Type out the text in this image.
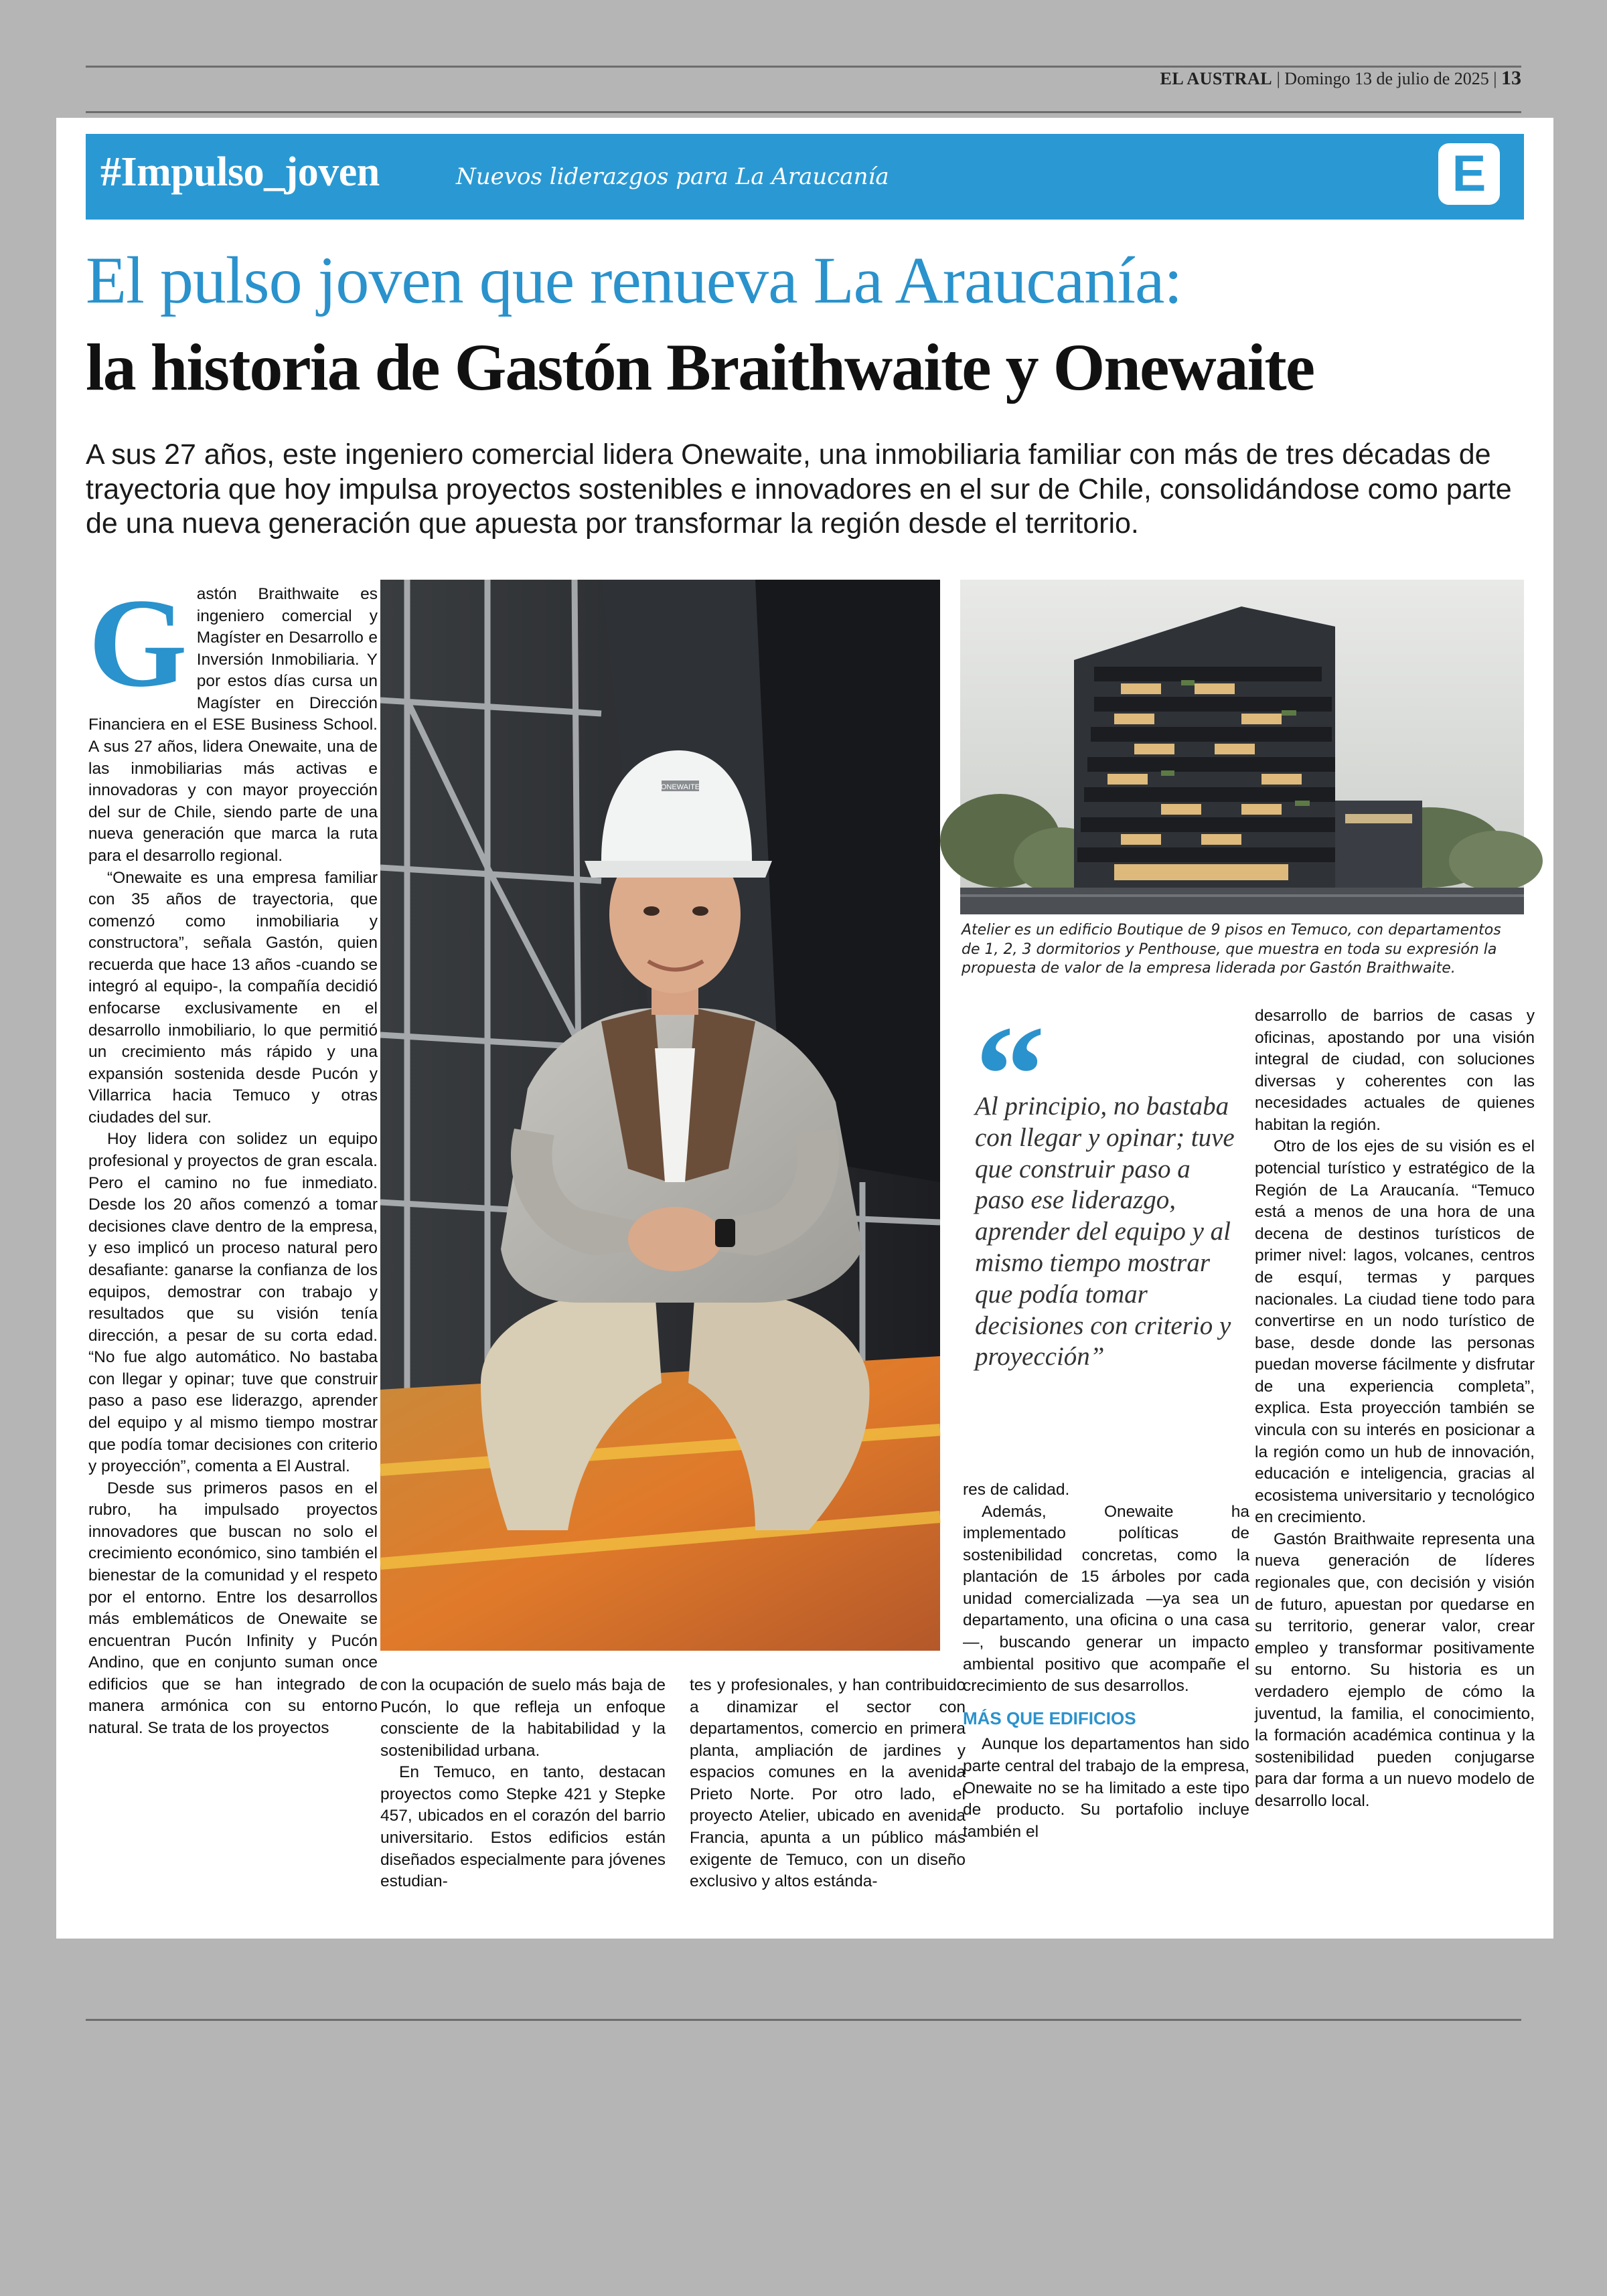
EL AUSTRAL | Domingo 13 de julio de 2025 | 13
#Impulso_joven	Nuevos liderazgos para La Araucanía	E
El pulso joven que renueva La Araucanía:
la historia de Gastón Braithwaite y Onewaite
A sus 27 años, este ingeniero comercial lidera Onewaite, una inmobiliaria familiar con más de tres décadas de trayectoria que hoy impulsa proyectos sostenibles e innovadores en el sur de Chile, consolidándose como parte de una nueva generación que apuesta por transformar la región desde el territorio.

Gastón Braithwaite es ingeniero comercial y Magíster en Desarrollo e Inversión Inmobiliaria. Y por estos días cursa un Magíster en Dirección Financiera en el ESE Business School. A sus 27 años, lidera Onewaite, una de las inmobiliarias más activas e innovadoras y con mayor proyección del sur de Chile, siendo parte de una nueva generación que marca la ruta para el desarrollo regional.

“Onewaite es una empresa familiar con 35 años de trayectoria, que comenzó como inmobiliaria y constructora”, señala Gastón, quien recuerda que hace 13 años -cuando se integró al equipo-, la compañía decidió enfocarse exclusivamente en el desarrollo inmobiliario, lo que permitió un crecimiento más rápido y una expansión sostenida desde Pucón y Villarrica hacia Temuco y otras ciudades del sur.

Hoy lidera con solidez un equipo profesional y proyectos de gran escala. Pero el camino no fue inmediato. Desde los 20 años comenzó a tomar decisiones clave dentro de la empresa, y eso implicó un proceso natural pero desafiante: ganarse la confianza de los equipos, demostrar con trabajo y resultados que su visión tenía dirección, a pesar de su corta edad. “No fue algo automático. No bastaba con llegar y opinar; tuve que construir paso a paso ese liderazgo, aprender del equipo y al mismo tiempo mostrar que podía tomar decisiones con criterio y proyección”, comenta a El Austral.

Desde sus primeros pasos en el rubro, ha impulsado proyectos innovadores que buscan no solo el crecimiento económico, sino también el bienestar de la comunidad y el respeto por el entorno. Entre los desarrollos más emblemáticos de Onewaite se encuentran Pucón Infinity y Pucón Andino, que en conjunto suman once edificios que se han integrado de manera armónica con su entorno natural. Se trata de los proyectos

ONEWAITE
Atelier es un edificio Boutique de 9 pisos en Temuco, con departamentos de 1, 2, 3 dormitorios y Penthouse, que muestra en toda su expresión la propuesta de valor de la empresa liderada por Gastón Braithwaite.
“
Al principio, no bastaba con llegar y opinar; tuve que construir paso a paso ese liderazgo, aprender del equipo y al mismo tiempo mostrar que podía tomar decisiones con criterio y proyección”

con la ocupación de suelo más baja de Pucón, lo que refleja un enfoque consciente de la habitabilidad y la sostenibilidad urbana.

En Temuco, en tanto, destacan proyectos como Stepke 421 y Stepke 457, ubicados en el corazón del barrio universitario. Estos edificios están diseñados especialmente para jóvenes estudian-

tes y profesionales, y han contribuido a dinamizar el sector con departamentos, comercio en primera planta, ampliación de jardines y espacios comunes en la avenida Prieto Norte. Por otro lado, el proyecto Atelier, ubicado en avenida Francia, apunta a un público más exigente de Temuco, con un diseño exclusivo y altos estánda-

res de calidad.

Además, Onewaite ha implementado políticas de sostenibilidad concretas, como la plantación de 15 árboles por cada unidad comercializada —ya sea un departamento, una oficina o una casa—, buscando generar un impacto ambiental positivo que acompañe el crecimiento de sus desarrollos.

MÁS QUE EDIFICIOS

Aunque los departamentos han sido parte central del trabajo de la empresa, Onewaite no se ha limitado a este tipo de producto. Su portafolio incluye también el

desarrollo de barrios de casas y oficinas, apostando por una visión integral de ciudad, con soluciones diversas y coherentes con las necesidades actuales de quienes habitan la región.

Otro de los ejes de su visión es el potencial turístico y estratégico de la Región de La Araucanía. “Temuco está a menos de una hora de una decena de destinos turísticos de primer nivel: lagos, volcanes, centros de esquí, termas y parques nacionales. La ciudad tiene todo para convertirse en un nodo turístico de base, desde donde las personas puedan moverse fácilmente y disfrutar de una experiencia completa”, explica. Esta proyección también se vincula con su interés en posicionar a la región como un hub de innovación, educación e inteligencia, gracias al ecosistema universitario y tecnológico en crecimiento.

Gastón Braithwaite representa una nueva generación de líderes regionales que, con decisión y visión de futuro, apuestan por quedarse en su territorio, generar valor, crear empleo y transformar positivamente su entorno. Su historia es un verdadero ejemplo de cómo la juventud, la familia, el conocimiento, la formación académica continua y la sostenibilidad pueden conjugarse para dar forma a un nuevo modelo de desarrollo local.
